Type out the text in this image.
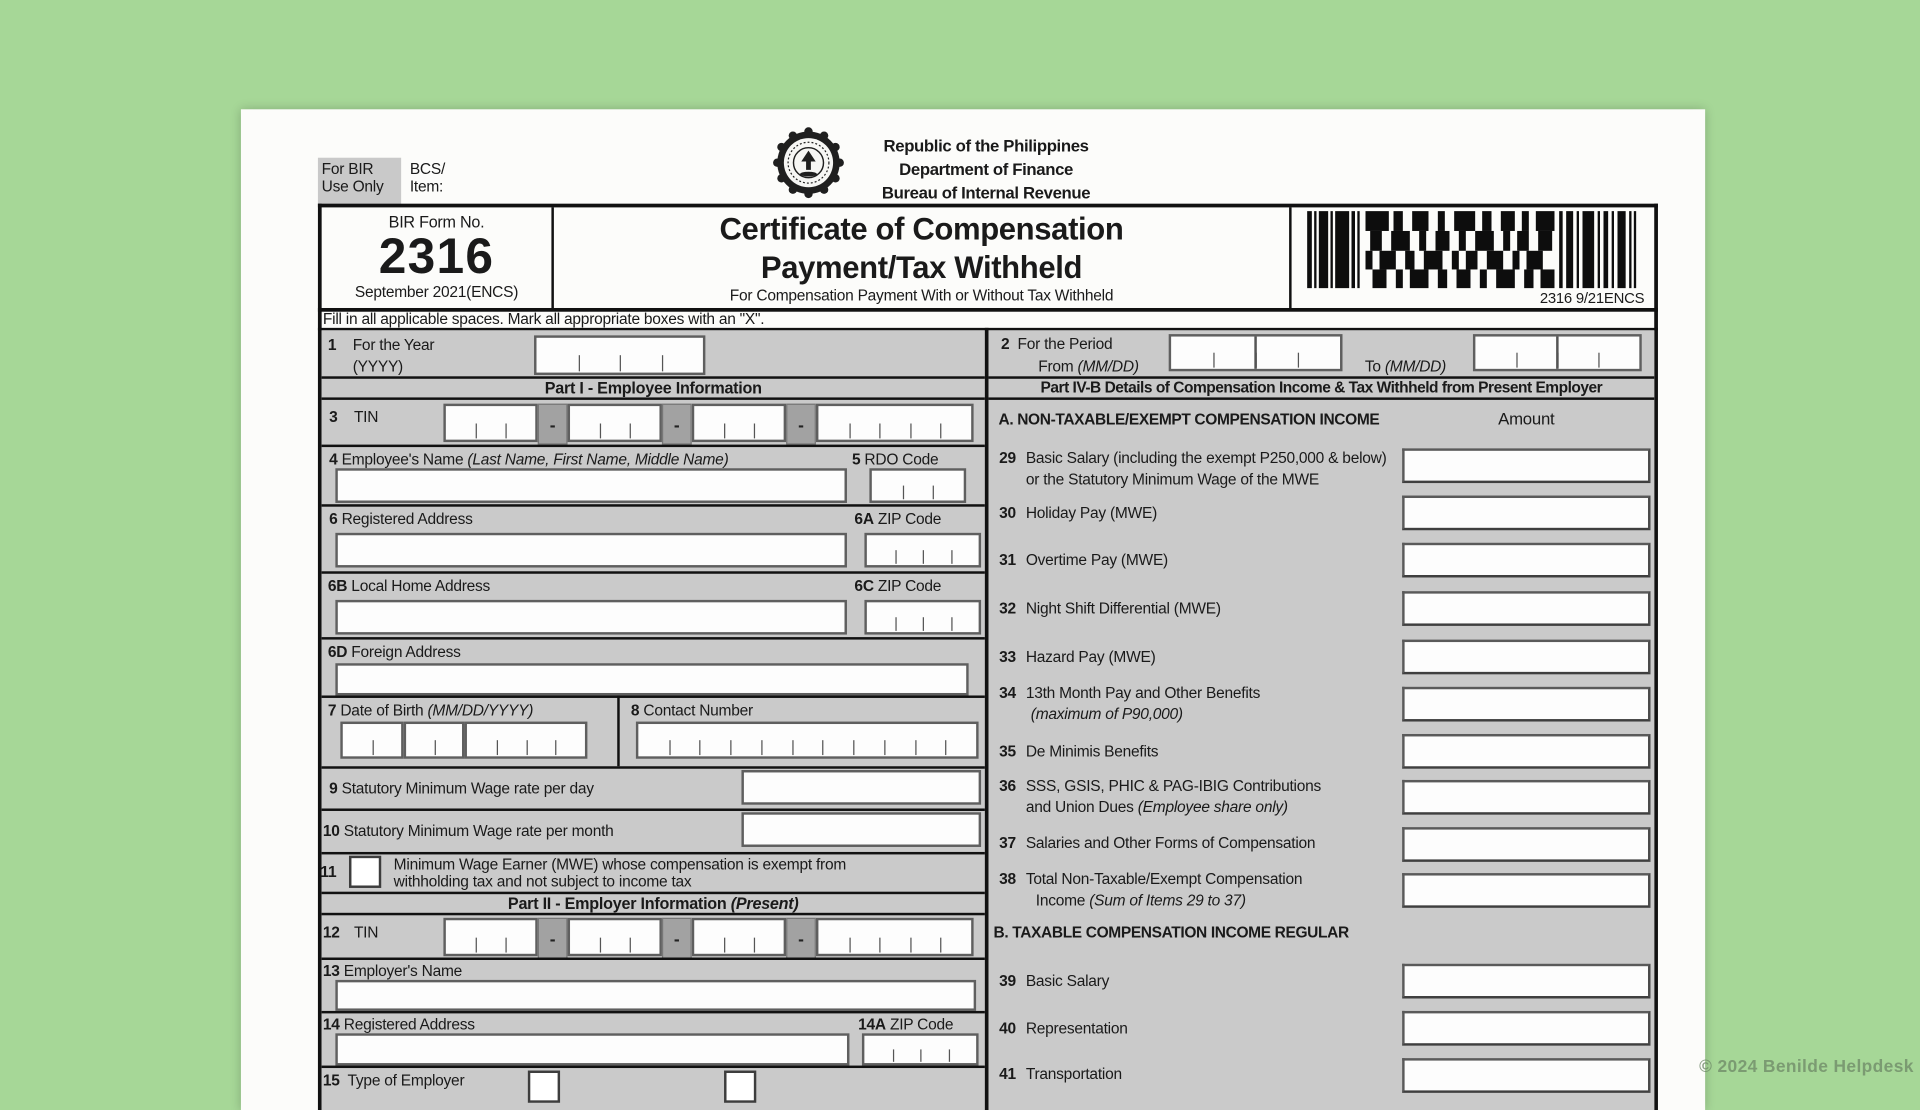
For BIR
Use Only
BCS/
Item:
Republic of the Philippines
Department of Finance
Bureau of Internal Revenue
BIR Form No.
2316
September 2021(ENCS)
Certificate of Compensation
Payment/Tax Withheld
For Compensation Payment With or Without Tax Withheld	2316 9/21ENCS
Fill in all applicable spaces. Mark all appropriate boxes with an "X".
1 For the Year
(YYYY)
Part I - Employee Information
3 TIN	-	-	-
4 Employee's Name (Last Name, First Name, Middle Name)	5 RDO Code
6 Registered Address	6A ZIP Code
6B Local Home Address	6C ZIP Code
6D Foreign Address
7 Date of Birth (MM/DD/YYYY)	8 Contact Number
9 Statutory Minimum Wage rate per day
10 Statutory Minimum Wage rate per month
11	Minimum Wage Earner (MWE) whose compensation is exempt from
withholding tax and not subject to income tax
Part II - Employer Information (Present)
12 TIN	-	-	-
13 Employer's Name
14 Registered Address	14A ZIP Code
15 Type of Employer
2 For the Period
From (MM/DD)	To (MM/DD)
Part IV-B Details of Compensation Income & Tax Withheld from Present Employer
A. NON-TAXABLE/EXEMPT COMPENSATION INCOME	Amount
29 Basic Salary (including the exempt P250,000 & below)
or the Statutory Minimum Wage of the MWE
30 Holiday Pay (MWE)
31 Overtime Pay (MWE)
32 Night Shift Differential (MWE)
33 Hazard Pay (MWE)
34 13th Month Pay and Other Benefits
(maximum of P90,000)
35 De Minimis Benefits
36 SSS, GSIS, PHIC & PAG-IBIG Contributions
and Union Dues (Employee share only)
37 Salaries and Other Forms of Compensation
38 Total Non-Taxable/Exempt Compensation
Income (Sum of Items 29 to 37)
B. TAXABLE COMPENSATION INCOME REGULAR
39 Basic Salary
40 Representation
41 Transportation	© 2024 Benilde Helpdesk
